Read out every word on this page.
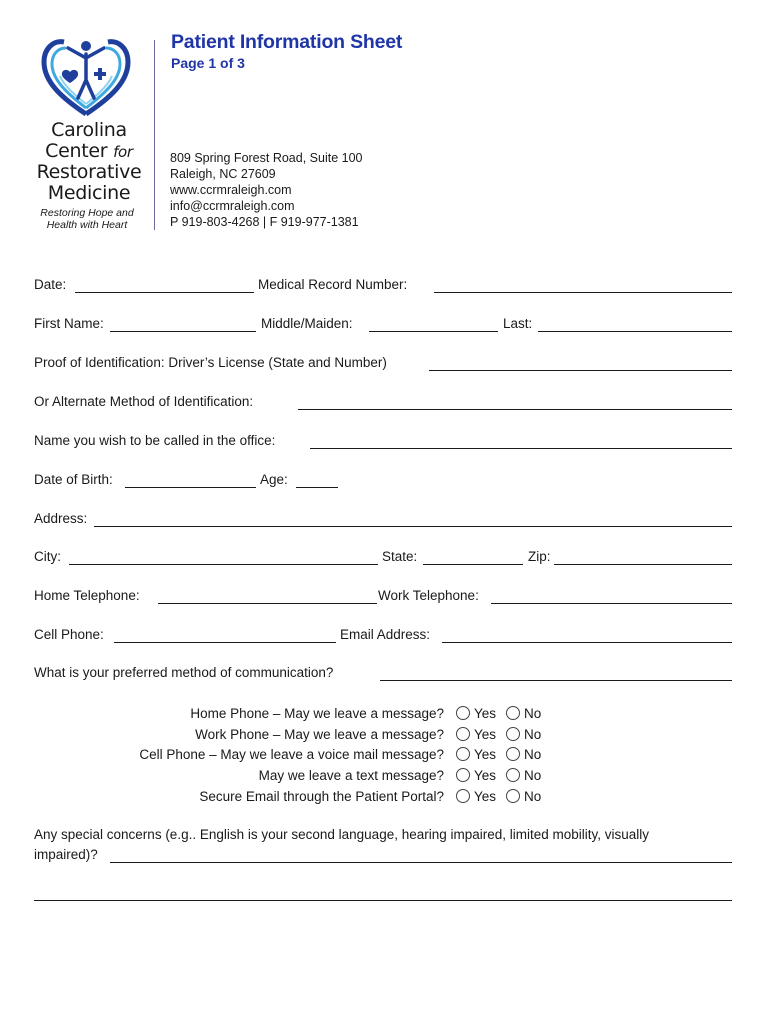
Carolina
Center for
Restorative
Medicine
Restoring Hope and
Health with Heart
Patient Information Sheet
Page 1 of 3
809 Spring Forest Road, Suite 100
Raleigh, NC 27609
www.ccrmraleigh.com
info@ccrmraleigh.com
P 919-803-4268 | F 919-977-1381
Date:	Medical Record Number:
First Name:	Middle/Maiden:	Last:
Proof of Identification: Driver’s License (State and Number)
Or Alternate Method of Identification:
Name you wish to be called in the office:
Date of Birth:	Age:
Address:
City:	State:	Zip:
Home Telephone:	Work Telephone:
Cell Phone:	Email Address:
What is your preferred method of communication?
Home Phone – May we leave a message?	Yes	No
Work Phone – May we leave a message?	Yes	No
Cell Phone – May we leave a voice mail message?	Yes	No
May we leave a text message?	Yes	No
Secure Email through the Patient Portal?	Yes	No
Any special concerns (e.g.. English is your second language, hearing impaired, limited mobility, visually
impaired)?
